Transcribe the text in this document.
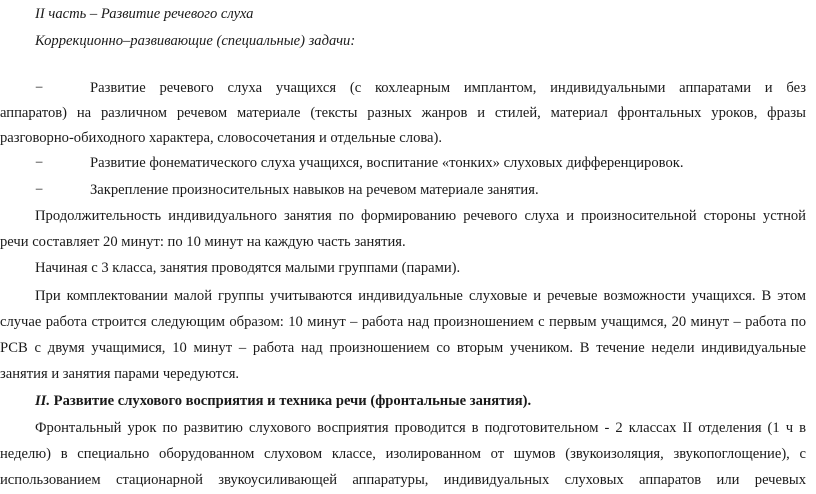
II часть – Развитие речевого слуха
Коррекционно–развивающие (специальные) задачи:
−	Развитие речевого слуха учащихся (с кохлеарным имплантом, индивидуальными аппаратами и без
аппаратов) на различном речевом материале (тексты разных жанров и стилей, материал фронтальных уроков, фразы
разговорно-обиходного характера, словосочетания и отдельные слова).
−	Развитие фонематического слуха учащихся, воспитание «тонких» слуховых дифференцировок.
−	Закрепление произносительных навыков на речевом материале занятия.
Продолжительность индивидуального занятия по формированию речевого слуха и произносительной стороны устной
речи составляет 20 минут: по 10 минут на каждую часть занятия.
Начиная с 3 класса, занятия проводятся малыми группами (парами).
При комплектовании малой группы учитываются индивидуальные слуховые и речевые возможности учащихся. В этом
случае работа строится следующим образом: 10 минут – работа над произношением с первым учащимся, 20 минут – работа по
РСВ с двумя учащимися, 10 минут – работа над произношением со вторым учеником. В течение недели индивидуальные
занятия и занятия парами чередуются.
II. Развитие слухового восприятия и техника речи (фронтальные занятия).
Фронтальный урок по развитию слухового восприятия проводится в подготовительном - 2 классах II отделения (1 ч в
неделю) в специально оборудованном слуховом классе, изолированном от шумов (звукоизоляция, звукопоглощение), с
использованием стационарной звукоусиливающей аппаратуры, индивидуальных слуховых аппаратов или речевых
